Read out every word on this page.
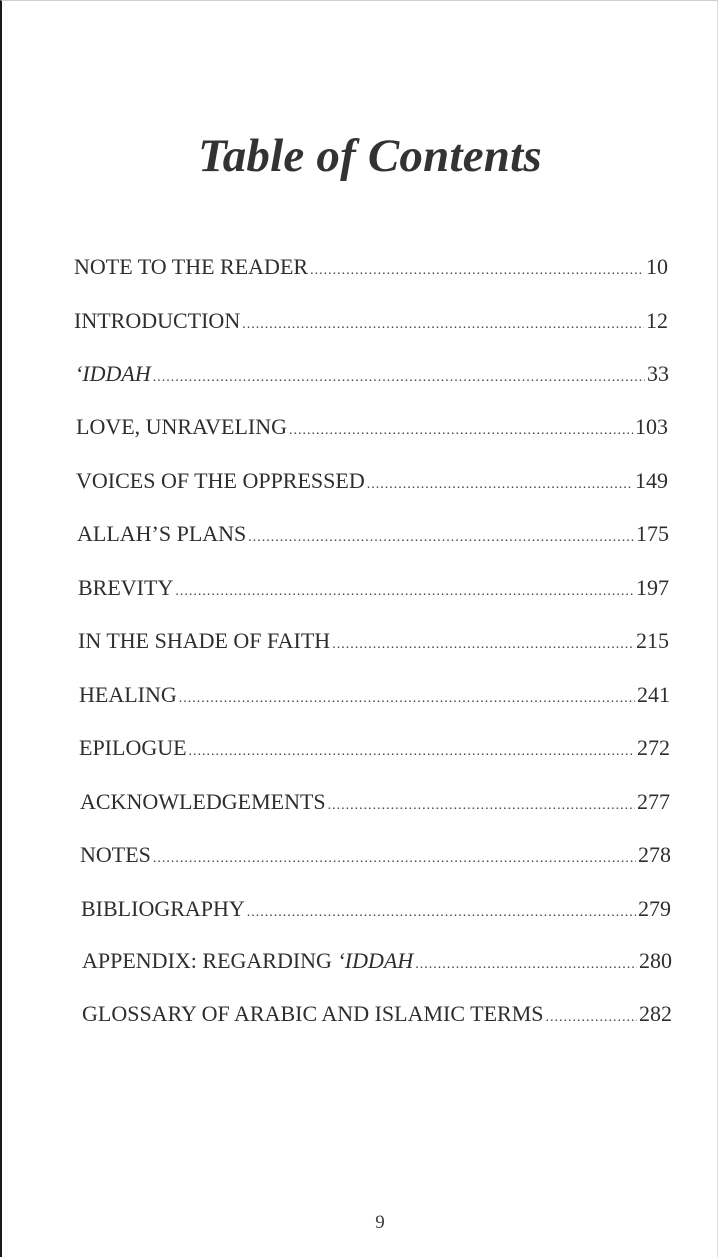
Table of Contents
NOTE TO THE READER .....	10
INTRODUCTION .....	12
‘IDDAH .....	33
LOVE, UNRAVELING .....	103
VOICES OF THE OPPRESSED .....	149
ALLAH’S PLANS .....	175
BREVITY .....	197
IN THE SHADE OF FAITH .....	215
HEALING .....	241
EPILOGUE .....	272
ACKNOWLEDGEMENTS .....	277
NOTES .....	278
BIBLIOGRAPHY .....	279
APPENDIX: REGARDING ‘IDDAH .....	280
GLOSSARY OF ARABIC AND ISLAMIC TERMS .....	282
9
